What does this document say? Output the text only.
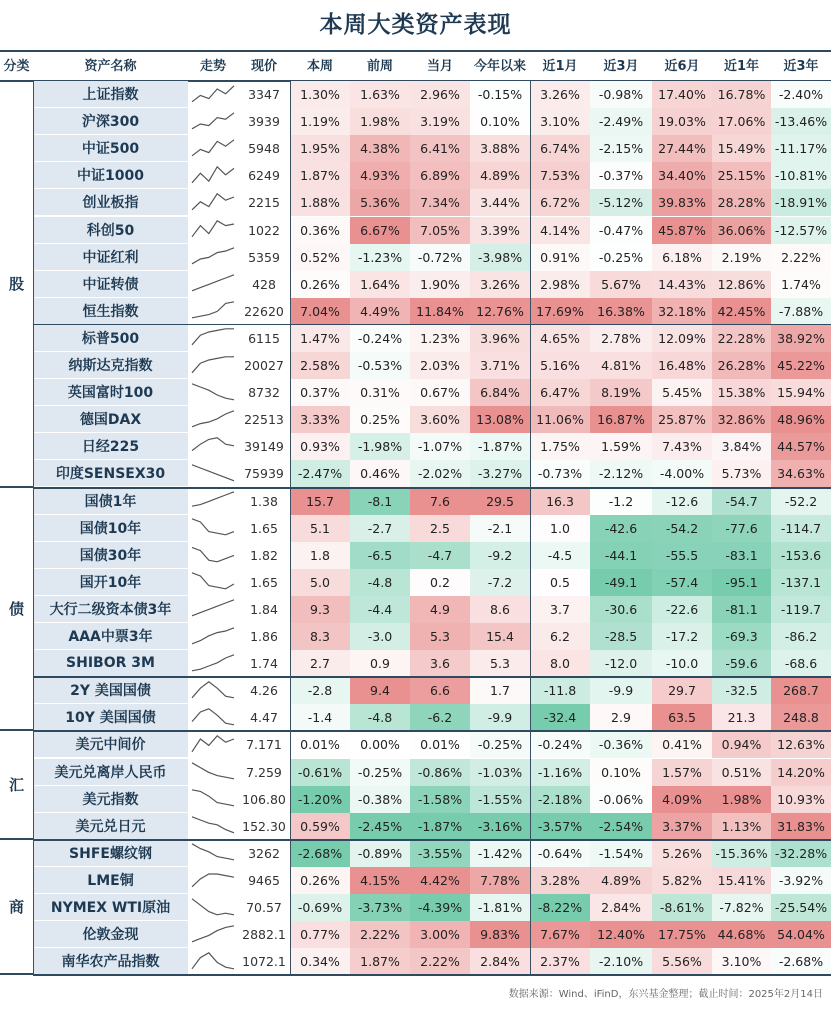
本周大类资产表现
分类	资产名称	走势	现价	本周	前周	当月	今年以来	近1月	近3月	近6月	近1年	近3年
上证指数	3347	1.30%	1.63%	2.96%	-0.15%	3.26%	-0.98%	17.40% 16.78%	-2.40%
沪深300	3939	1.19%	1.98%	3.19%	0.10%	3.10%	-2.49%	19.03% 17.06% -13.46%
中证500	5948	1.95%	4.38%	6.41%	3.88%	6.74%	-2.15%	27.44% 15.49% -11.17%
中证1000	6249	1.87%	4.93%	6.89%	4.89%	7.53%	-0.37%	34.40% 25.15% -10.81%
创业板指	2215	1.88%	5.36%	7.34%	3.44%	6.72%	-5.12%	39.83% 28.28% -18.91%
科创50	1022	0.36%	6.67%	7.05%	3.39%	4.14%	-0.47%	45.87% 36.06% -12.57%
中证红利	5359	0.52%	-1.23%	-0.72%	-3.98%	0.91%	-0.25%	6.18%	2.19%	2.22%
中证转债	428	0.26%	1.64%	1.90%	3.26%	2.98%	5.67%	14.43% 12.86%	1.74%
恒生指数	22620	7.04%	4.49%	11.84% 12.76% 17.69%	16.38%	32.18% 42.45%	-7.88%
标普500	6115	1.47%	-0.24%	1.23%	3.96%	4.65%	2.78%	12.09% 22.28% 38.92%
纳斯达克指数	20027	2.58%	-0.53%	2.03%	3.71%	5.16%	4.81%	16.48% 26.28% 45.22%
英国富时100	8732	0.37%	0.31%	0.67%	6.84%	6.47%	8.19%	5.45%	15.38% 15.94%
德国DAX	22513	3.33%	0.25%	3.60%	13.08% 11.06%	16.87%	25.87% 32.86% 48.96%
日经225	39149	0.93%	-1.98%	-1.07%	-1.87%	1.75%	1.59%	7.43%	3.84%	44.57%
印度SENSEX30	75939	-2.47%	0.46%	-2.02%	-3.27%	-0.73%	-2.12%	-4.00%	5.73%	34.63%
国债1年	1.38	15.7	-8.1	7.6	29.5	16.3	-1.2	-12.6	-54.7	-52.2
国债10年	1.65	5.1	-2.7	2.5	-2.1	1.0	-42.6	-54.2	-77.6	-114.7
国债30年	1.82	1.8	-6.5	-4.7	-9.2	-4.5	-44.1	-55.5	-83.1	-153.6
国开10年	1.65	5.0	-4.8	0.2	-7.2	0.5	-49.1	-57.4	-95.1	-137.1
大行二级资本债3年	1.84	9.3	-4.4	4.9	8.6	3.7	-30.6	-22.6	-81.1	-119.7
AAA中票3年	1.86	8.3	-3.0	5.3	15.4	6.2	-28.5	-17.2	-69.3	-86.2
SHIBOR 3M	1.74	2.7	0.9	3.6	5.3	8.0	-12.0	-10.0	-59.6	-68.6
2Y 美国国债	4.26	-2.8	9.4	6.6	1.7	-11.8	-9.9	29.7	-32.5	268.7
10Y 美国国债	4.47	-1.4	-4.8	-6.2	-9.9	-32.4	2.9	63.5	21.3	248.8
美元中间价	7.171	0.01%	0.00%	0.01%	-0.25%	-0.24%	-0.36%	0.41%	0.94%	12.63%
美元兑离岸人民币	7.259	-0.61%	-0.25%	-0.86%	-1.03%	-1.16%	0.10%	1.57%	0.51%	14.20%
美元指数	106.80 -1.20%	-0.38%	-1.58%	-1.55%	-2.18%	-0.06%	4.09%	1.98%	10.93%
美元兑日元	152.30	0.59%	-2.45%	-1.87%	-3.16%	-3.57%	-2.54%	3.37%	1.13%	31.83%
SHFE螺纹钢	3262	-2.68%	-0.89%	-3.55%	-1.42%	-0.64%	-1.54%	5.26%	-15.36% -32.28%
LME铜	9465	0.26%	4.15%	4.42%	7.78%	3.28%	4.89%	5.82%	15.41%	-3.92%
NYMEX WTI原油	70.57	-0.69%	-3.73%	-4.39%	-1.81%	-8.22%	2.84%	-8.61%	-7.82% -25.54%
伦敦金现	2882.1	0.77%	2.22%	3.00%	9.83%	7.67%	12.40%	17.75% 44.68% 54.04%
南华农产品指数	1072.1	0.34%	1.87%	2.22%	2.84%	2.37%	-2.10%	5.56%	3.10%	-2.68%
股
债
汇
商
数据来源：Wind、iFinD，东兴基金整理；截止时间：2025年2月14日
